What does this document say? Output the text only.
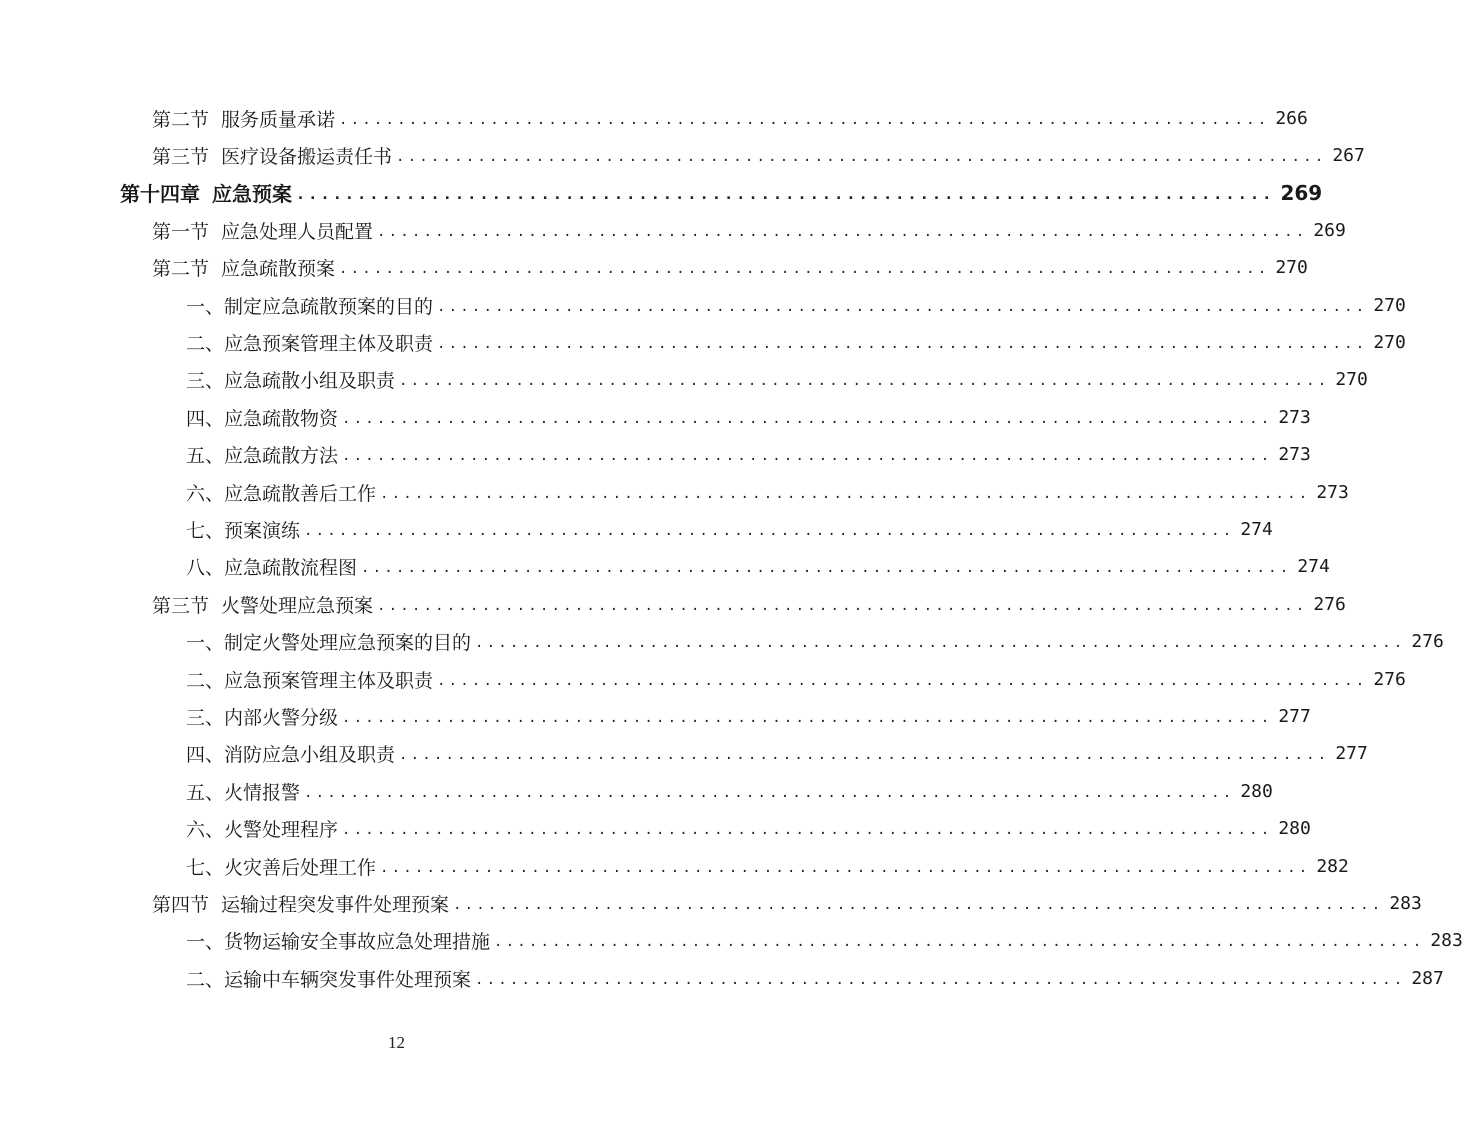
第二节 服务质量承诺 ................................................................................ 266
第三节 医疗设备搬运责任书 ................................................................................ 267
第十四章 应急预案 ................................................................................ 269
第一节 应急处理人员配置 ................................................................................ 269
第二节 应急疏散预案 ................................................................................ 270
一、制定应急疏散预案的目的 ................................................................................ 270
二、应急预案管理主体及职责 ................................................................................ 270
三、应急疏散小组及职责 ................................................................................ 270
四、应急疏散物资 ................................................................................ 273
五、应急疏散方法 ................................................................................ 273
六、应急疏散善后工作 ................................................................................ 273
七、预案演练 ................................................................................ 274
八、应急疏散流程图 ................................................................................ 274
第三节 火警处理应急预案 ................................................................................ 276
一、制定火警处理应急预案的目的 ................................................................................ 276
二、应急预案管理主体及职责 ................................................................................ 276
三、内部火警分级 ................................................................................ 277
四、消防应急小组及职责 ................................................................................ 277
五、火情报警 ................................................................................ 280
六、火警处理程序 ................................................................................ 280
七、火灾善后处理工作 ................................................................................ 282
第四节 运输过程突发事件处理预案 ................................................................................ 283
一、货物运输安全事故应急处理措施 ................................................................................ 283
二、运输中车辆突发事件处理预案 ................................................................................ 287
12
